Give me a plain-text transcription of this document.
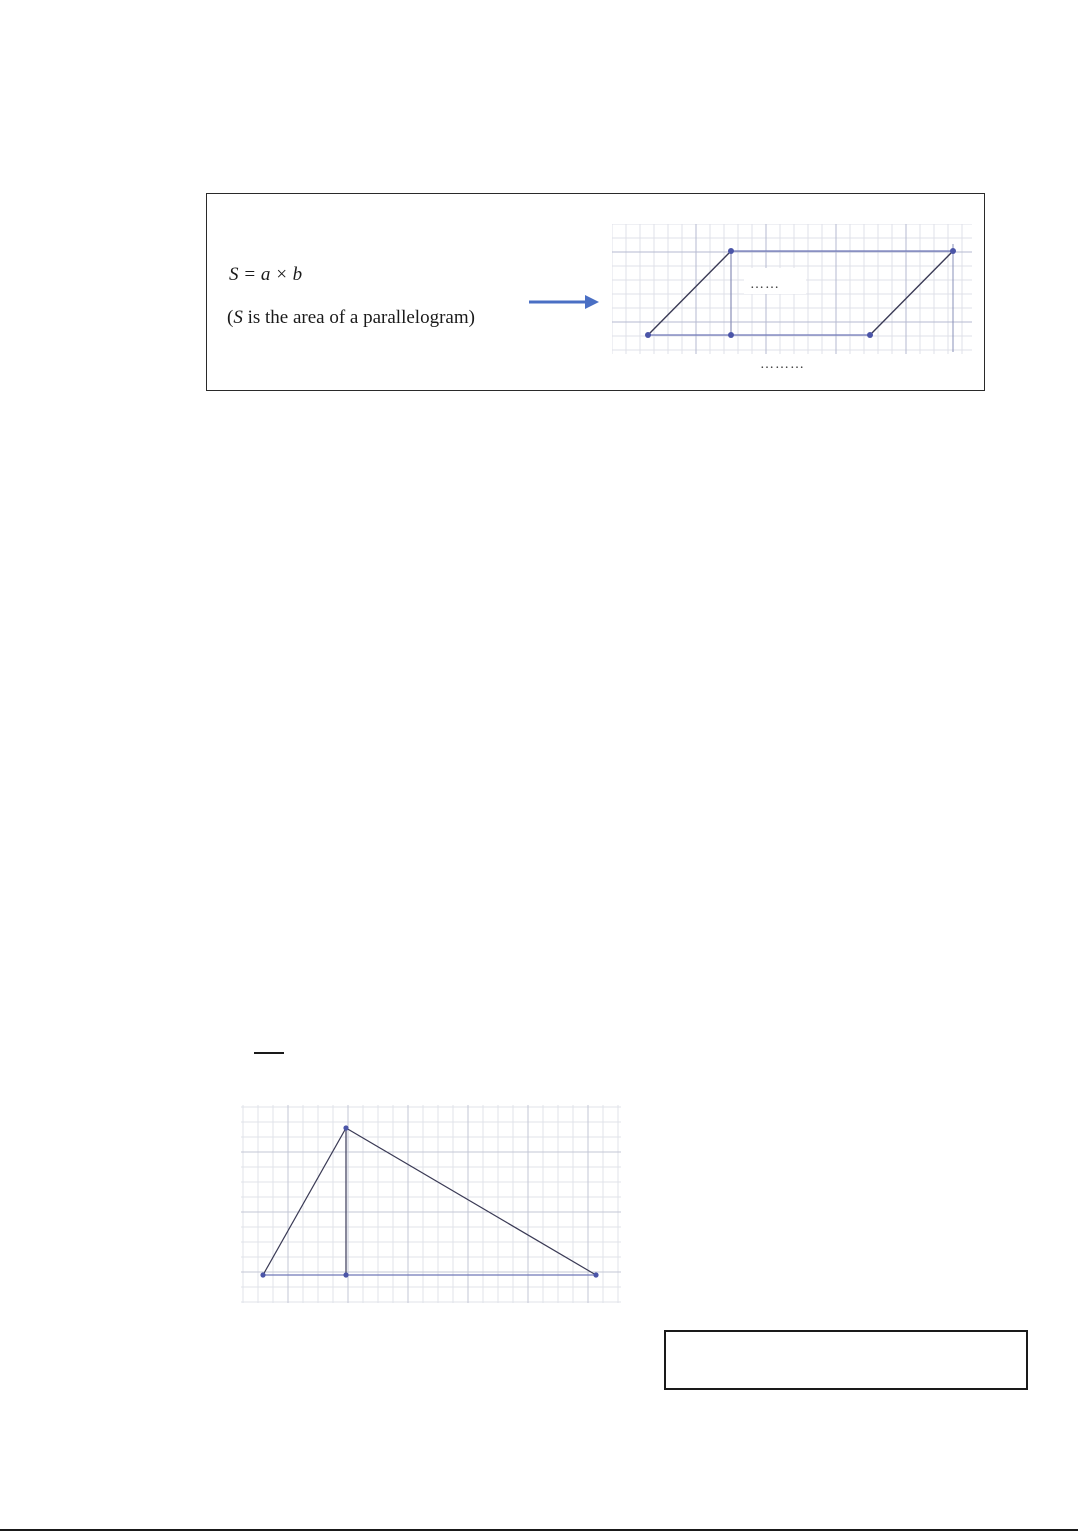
S = a × b
(S is the area of a parallelogram)
……
………
